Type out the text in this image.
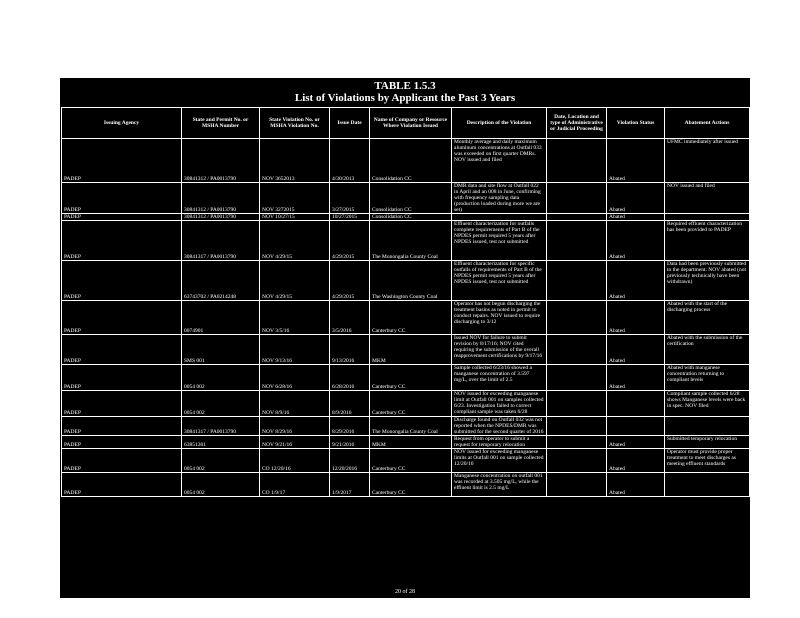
TABLE 1.5.3
List of Violations by Applicant the Past 3 Years
Issuing Agency	State and Permit No. or MSHA Number	State Violation No. or MSHA Violation No.	Issue Date	Name of Company or Resource Where Violation Issued	Description of the Violation	Date, Location and type of Administrative or Judicial Proceeding	Violation Status	Abatement Actions
PADEP	30841312 / PA0013790	NOV 3652013	4/30/2013	Consolidation CC	Monthly average and daily maximum aluminum concentrations at Outfall 033 was exceeded on first quarter DMRs. NOV issued and filed		Abated	UFMC immediately after issued
PADEP	30841312 / PA0013790	NOV 3272015	3/27/2015	Consolidation CC	DMR data and site flow at Outfall 022 in April and an 008 in June, confirming with frequency sampling data (production loaded during more we are set)		Abated	NOV issued and filed
PADEP	30841312 / PA0013790	NOV 10/27/15	10/27/2015	Consolidation CC			Abated	
PADEP	30841317 / PA0013790	NOV 4/29/15	4/29/2015	The Monongalia County Coal	Effluent characterization for outfalls complete requirements of Part B of the NPDES permit required 5 years after NPDES issued, test not submitted		Abated	Required effluent characterization has been provided to PADEP
PADEP	63743702 / PA0214248	NOV 4/29/15	4/29/2015	The Washington County Coal	Effluent characterization for specific outfalls of requirements of Part B of the NPDES permit required 5 years after NPDES issued, test not submitted		Abated	Data had been previously submitted to the department. NOV abated (not previously technically have been withdrawn)
PADEP	0074901	NOV 3/5/16	3/5/2016	Canterbury CC	Operator has not begun discharging the treatment basins as noted in permit to conduct repairs. NOV issued to require discharging to 3/12		Abated	Abated with the start of the discharging process
PADEP	SMS 001	NOV 9/13/16	9/13/2016	MKM	Issued NOV for failure to submit revision by 8/17/16; NOV cited requiring the submission of the overall reapprovement certifications by 9/17/16		Abated	Abated with the submission of the certification
PADEP	0054 002	NOV 6/28/16	6/28/2016	Canterbury CC	Sample collected 6/23/16 showed a manganese concentration of 3.597 mg/L, over the limit of 2.5		Abated	Abated with manganese concentration returning to compliant levels
PADEP	0054 002	NOV 8/9/16	8/9/2016	Canterbury CC	NOV issued for exceeding manganese limit at Outfall 001 on samples collected 6/23. Investigation failed to correct compliant sample was taken 6/28			Compliant sample collected 6/28 shows Manganese levels were back in spec. NOV filed
PADEP	30841317 / PA0013790	NOV 8/29/16	8/29/2016	The Monongalia County Coal	Discharge found on Outfall 032 was not reported when the NPDES/DMR was submitted for the second quarter of 2016			
PADEP	63851301	NOV 9/21/16	9/21/2016	MKM	Request from operator to submit a request for temporary relocation		Abated	Submitted temporary relocation
PADEP	0054 002	CO 12/20/16	12/20/2016	Canterbury CC	NOV issued for exceeding manganese limits at Outfall 001 on sample collected 12/20/16		Abated	Operator must provide proper treatment to meet discharges as meeting effluent standards
PADEP	0054 002	CO 1/9/17	1/9/2017	Canterbury CC	Manganese concentration on outfall 001 was recorded at 3.505 mg/L, while the effluent limit is 2.5 mg/L		Abated	
20 of 28
